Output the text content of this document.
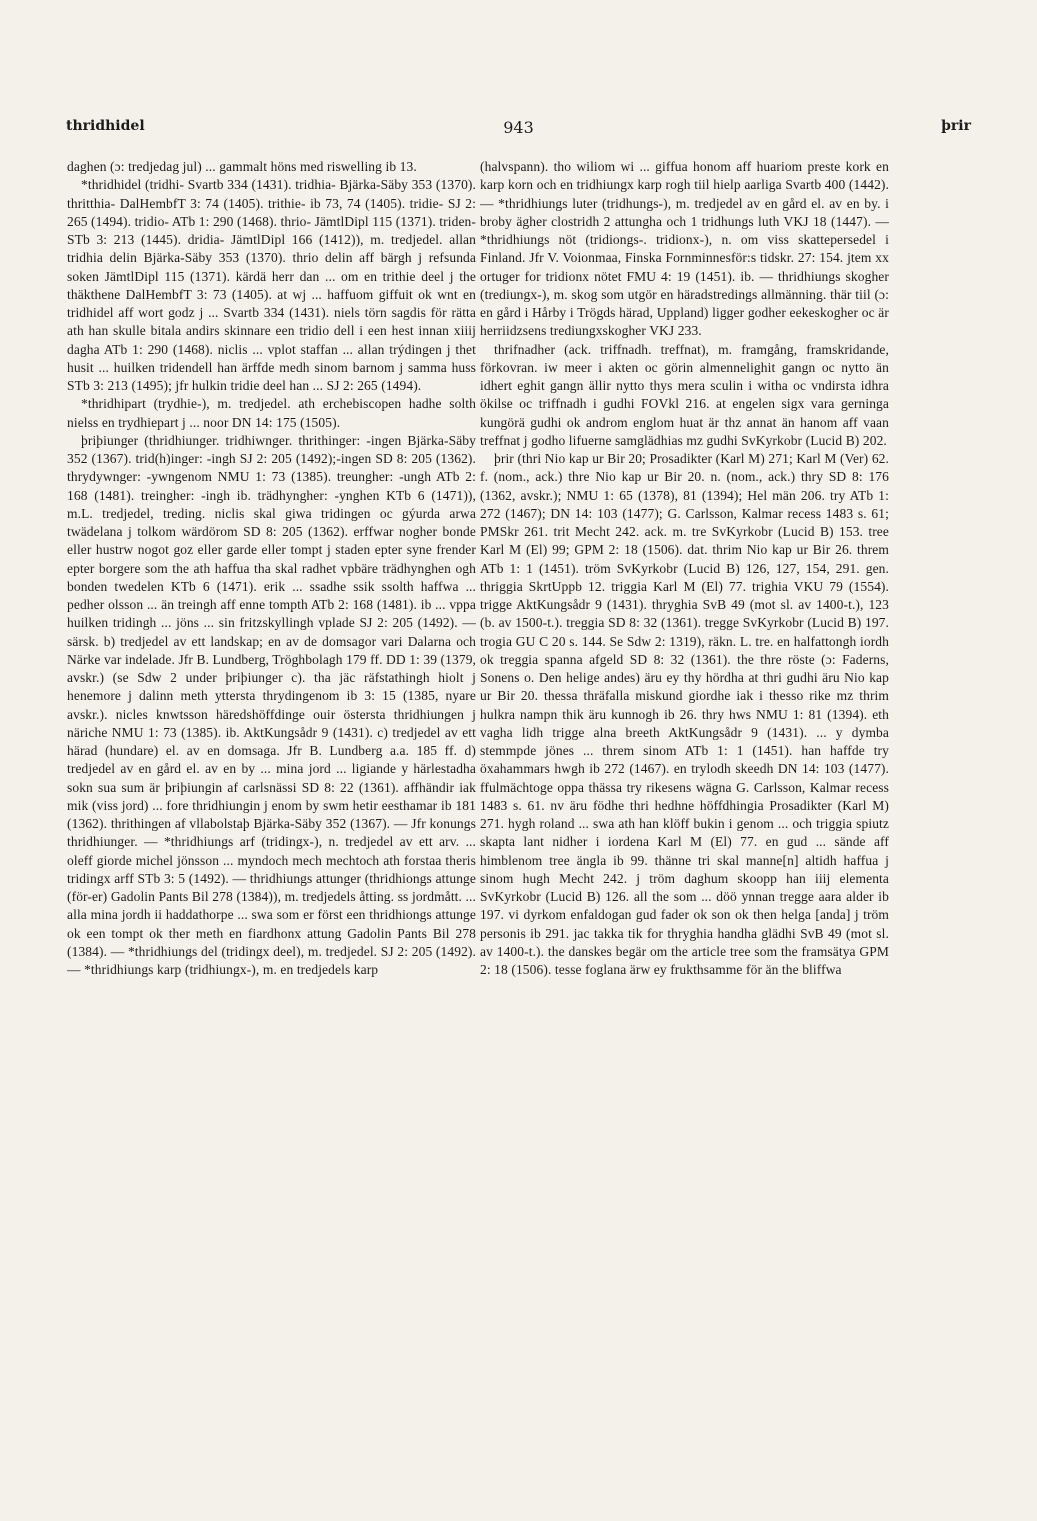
thridhidel	943	þrir

daghen (ɔ: tredjedag jul) ... gammalt höns med riswelling ib 13.

*thridhidel (tridhi- Svartb 334 (1431). tridhia- Bjärka-Säby 353 (1370). thritthia- DalHembfT 3: 74 (1405). trithie- ib 73, 74 (1405). tridie- SJ 2: 265 (1494). tridio- ATb 1: 290 (1468). thrio- JämtlDipl 115 (1371). triden- STb 3: 213 (1445). dridia- JämtlDipl 166 (1412)), m. tredjedel. allan tridhia delin Bjärka-Säby 353 (1370). thrio delin aff bärgh j refsunda soken JämtlDipl 115 (1371). kärdä herr dan ... om en trithie deel j the thäkthene DalHembfT 3: 73 (1405). at wj ... haffuom giffuit ok wnt en tridhidel aff wort godz j ... Svartb 334 (1431). niels törn sagdis för rätta ath han skulle bitala andirs skinnare een tridio dell i een hest innan xiiij dagha ATb 1: 290 (1468). niclis ... vplot staffan ... allan trýdingen j thet husit ... huilken tridendell han ärffde medh sinom barnom j samma huss STb 3: 213 (1495); jfr hulkin tridie deel han ... SJ 2: 265 (1494).

*thridhipart (trydhie-), m. tredjedel. ath erchebiscopen hadhe solth nielss en trydhiepart j ... noor DN 14: 175 (1505).

þriþiunger (thridhiunger. tridhiwnger. thrithinger: -ingen Bjärka-Säby 352 (1367). trid(h)inger: -ingh SJ 2: 205 (1492);-ingen SD 8: 205 (1362). thrydywnger: -ywngenom NMU 1: 73 (1385). treungher: -ungh ATb 2: 168 (1481). treingher: -ingh ib. trädhyngher: -ynghen KTb 6 (1471)), m.L. tredjedel, treding. niclis skal giwa tridingen oc gýurda arwa twädelana j tolkom wärdörom SD 8: 205 (1362). erffwar nogher bonde eller hustrw nogot goz eller garde eller tompt j staden epter syne frender epter borgere som the ath haffua tha skal radhet vpbäre trädhynghen ogh bonden twedelen KTb 6 (1471). erik ... ssadhe ssik ssolth haffwa ... pedher olsson ... än treingh aff enne tompth ATb 2: 168 (1481). ib ... vppa huilken tridingh ... jöns ... sin fritzskyllingh vplade SJ 2: 205 (1492). — särsk. b) tredjedel av ett landskap; en av de domsagor vari Dalarna och Närke var indelade. Jfr B. Lundberg, Tröghbolagh 179 ff. DD 1: 39 (1379, avskr.) (se Sdw 2 under þriþiunger c). tha jäc räfstathingh hiolt j henemore j dalinn meth yttersta thrydingenom ib 3: 15 (1385, nyare avskr.). nicles knwtsson häredshöffdinge ouir östersta thridhiungen j näriche NMU 1: 73 (1385). ib. AktKungsådr 9 (1431). c) tredjedel av ett härad (hundare) el. av en domsaga. Jfr B. Lundberg a.a. 185 ff. d) tredjedel av en gård el. av en by ... mina jord ... ligiande y härlestadha sokn sua sum är þriþiungin af carlsnässi SD 8: 22 (1361). affhändir iak mik (viss jord) ... fore thridhiungin j enom by swm hetir eesthamar ib 181 (1362). thrithingen af vllabolstaþ Bjärka-Säby 352 (1367). — Jfr konungs thridhiunger. — *thridhiungs arf (tridingx-), n. tredjedel av ett arv. ... oleff giorde michel jönsson ... myndoch mech mechtoch ath forstaa theris tridingx arff STb 3: 5 (1492). — thridhiungs attunger (thridhiongs attunge (för-er) Gadolin Pants Bil 278 (1384)), m. tredjedels åtting. ss jordmått. ... alla mina jordh ii haddathorpe ... swa som er först een thridhiongs attunge ok een tompt ok ther meth en fiardhonx attung Gadolin Pants Bil 278 (1384). — *thridhiungs del (tridingx deel), m. tredjedel. SJ 2: 205 (1492). — *thridhiungs karp (tridhiungx-), m. en tredjedels karp

(halvspann). tho wiliom wi ... giffua honom aff huariom preste kork en karp korn och en tridhiungx karp rogh tiil hielp aarliga Svartb 400 (1442). — *thridhiungs luter (tridhungs-), m. tredjedel av en gård el. av en by. i broby ägher clostridh 2 attungha och 1 tridhungs luth VKJ 18 (1447). — *thridhiungs nöt (tridiongs-. tridionx-), n. om viss skattepersedel i Finland. Jfr V. Voionmaa, Finska Fornminnesför:s tidskr. 27: 154. jtem xx ortuger for tridionx nötet FMU 4: 19 (1451). ib. — thridhiungs skogher (trediungx-), m. skog som utgör en häradstredings allmänning. thär tiil (ɔ: en gård i Hårby i Trögds härad, Uppland) ligger godher eekeskogher oc är herriidzsens trediungxskogher VKJ 233.

thrifnadher (ack. triffnadh. treffnat), m. framgång, framskridande, förkovran. iw meer i akten oc görin almennelighit gangn oc nytto än idhert eghit gangn ällir nytto thys mera sculin i witha oc vndirsta idhra ökilse oc triffnadh i gudhi FOVkl 216. at engelen sigx vara gerninga kungörä gudhi ok androm englom huat är thz annat än hanom aff vaan treffnat j godho lifuerne samglädhias mz gudhi SvKyrkobr (Lucid B) 202.

þrir (thri Nio kap ur Bir 20; Prosadikter (Karl M) 271; Karl M (Ver) 62. f. (nom., ack.) thre Nio kap ur Bir 20. n. (nom., ack.) thry SD 8: 176 (1362, avskr.); NMU 1: 65 (1378), 81 (1394); Hel män 206. try ATb 1: 272 (1467); DN 14: 103 (1477); G. Carlsson, Kalmar recess 1483 s. 61; PMSkr 261. trit Mecht 242. ack. m. tre SvKyrkobr (Lucid B) 153. tree Karl M (El) 99; GPM 2: 18 (1506). dat. thrim Nio kap ur Bir 26. threm ATb 1: 1 (1451). tröm SvKyrkobr (Lucid B) 126, 127, 154, 291. gen. thriggia SkrtUppb 12. triggia Karl M (El) 77. trighia VKU 79 (1554). trigge AktKungsådr 9 (1431). thryghia SvB 49 (mot sl. av 1400-t.), 123 (b. av 1500-t.). treggia SD 8: 32 (1361). tregge SvKyrkobr (Lucid B) 197. trogia GU C 20 s. 144. Se Sdw 2: 1319), räkn. L. tre. en halfattongh iordh ok treggia spanna afgeld SD 8: 32 (1361). the thre röste (ɔ: Faderns, Sonens o. Den helige andes) äru ey thy hördha at thri gudhi äru Nio kap ur Bir 20. thessa thräfalla miskund giordhe iak i thesso rike mz thrim hulkra nampn thik äru kunnogh ib 26. thry hws NMU 1: 81 (1394). eth vagha lidh trigge alna breeth AktKungsådr 9 (1431). ... y dymba stemmpde jönes ... threm sinom ATb 1: 1 (1451). han haffde try öxahammars hwgh ib 272 (1467). en trylodh skeedh DN 14: 103 (1477). ffulmächtoge oppa thässa try rikesens wägna G. Carlsson, Kalmar recess 1483 s. 61. nv äru födhe thri hedhne höffdhingia Prosadikter (Karl M) 271. hygh roland ... swa ath han klöff bukin i genom ... och triggia spiutz skapta lant nidher i iordena Karl M (El) 77. en gud ... sände aff himblenom tree ängla ib 99. thänne tri skal manne[n] altidh haffua j sinom hugh Mecht 242. j tröm daghum skoopp han iiij elementa SvKyrkobr (Lucid B) 126. all the som ... döö ynnan tregge aara alder ib 197. vi dyrkom enfaldogan gud fader ok son ok then helga [anda] j tröm personis ib 291. jac takka tik for thryghia handha glädhi SvB 49 (mot sl. av 1400-t.). the danskes begär om the article tree som the framsätya GPM 2: 18 (1506). tesse foglana ärw ey frukthsamme för än the bliffwa
